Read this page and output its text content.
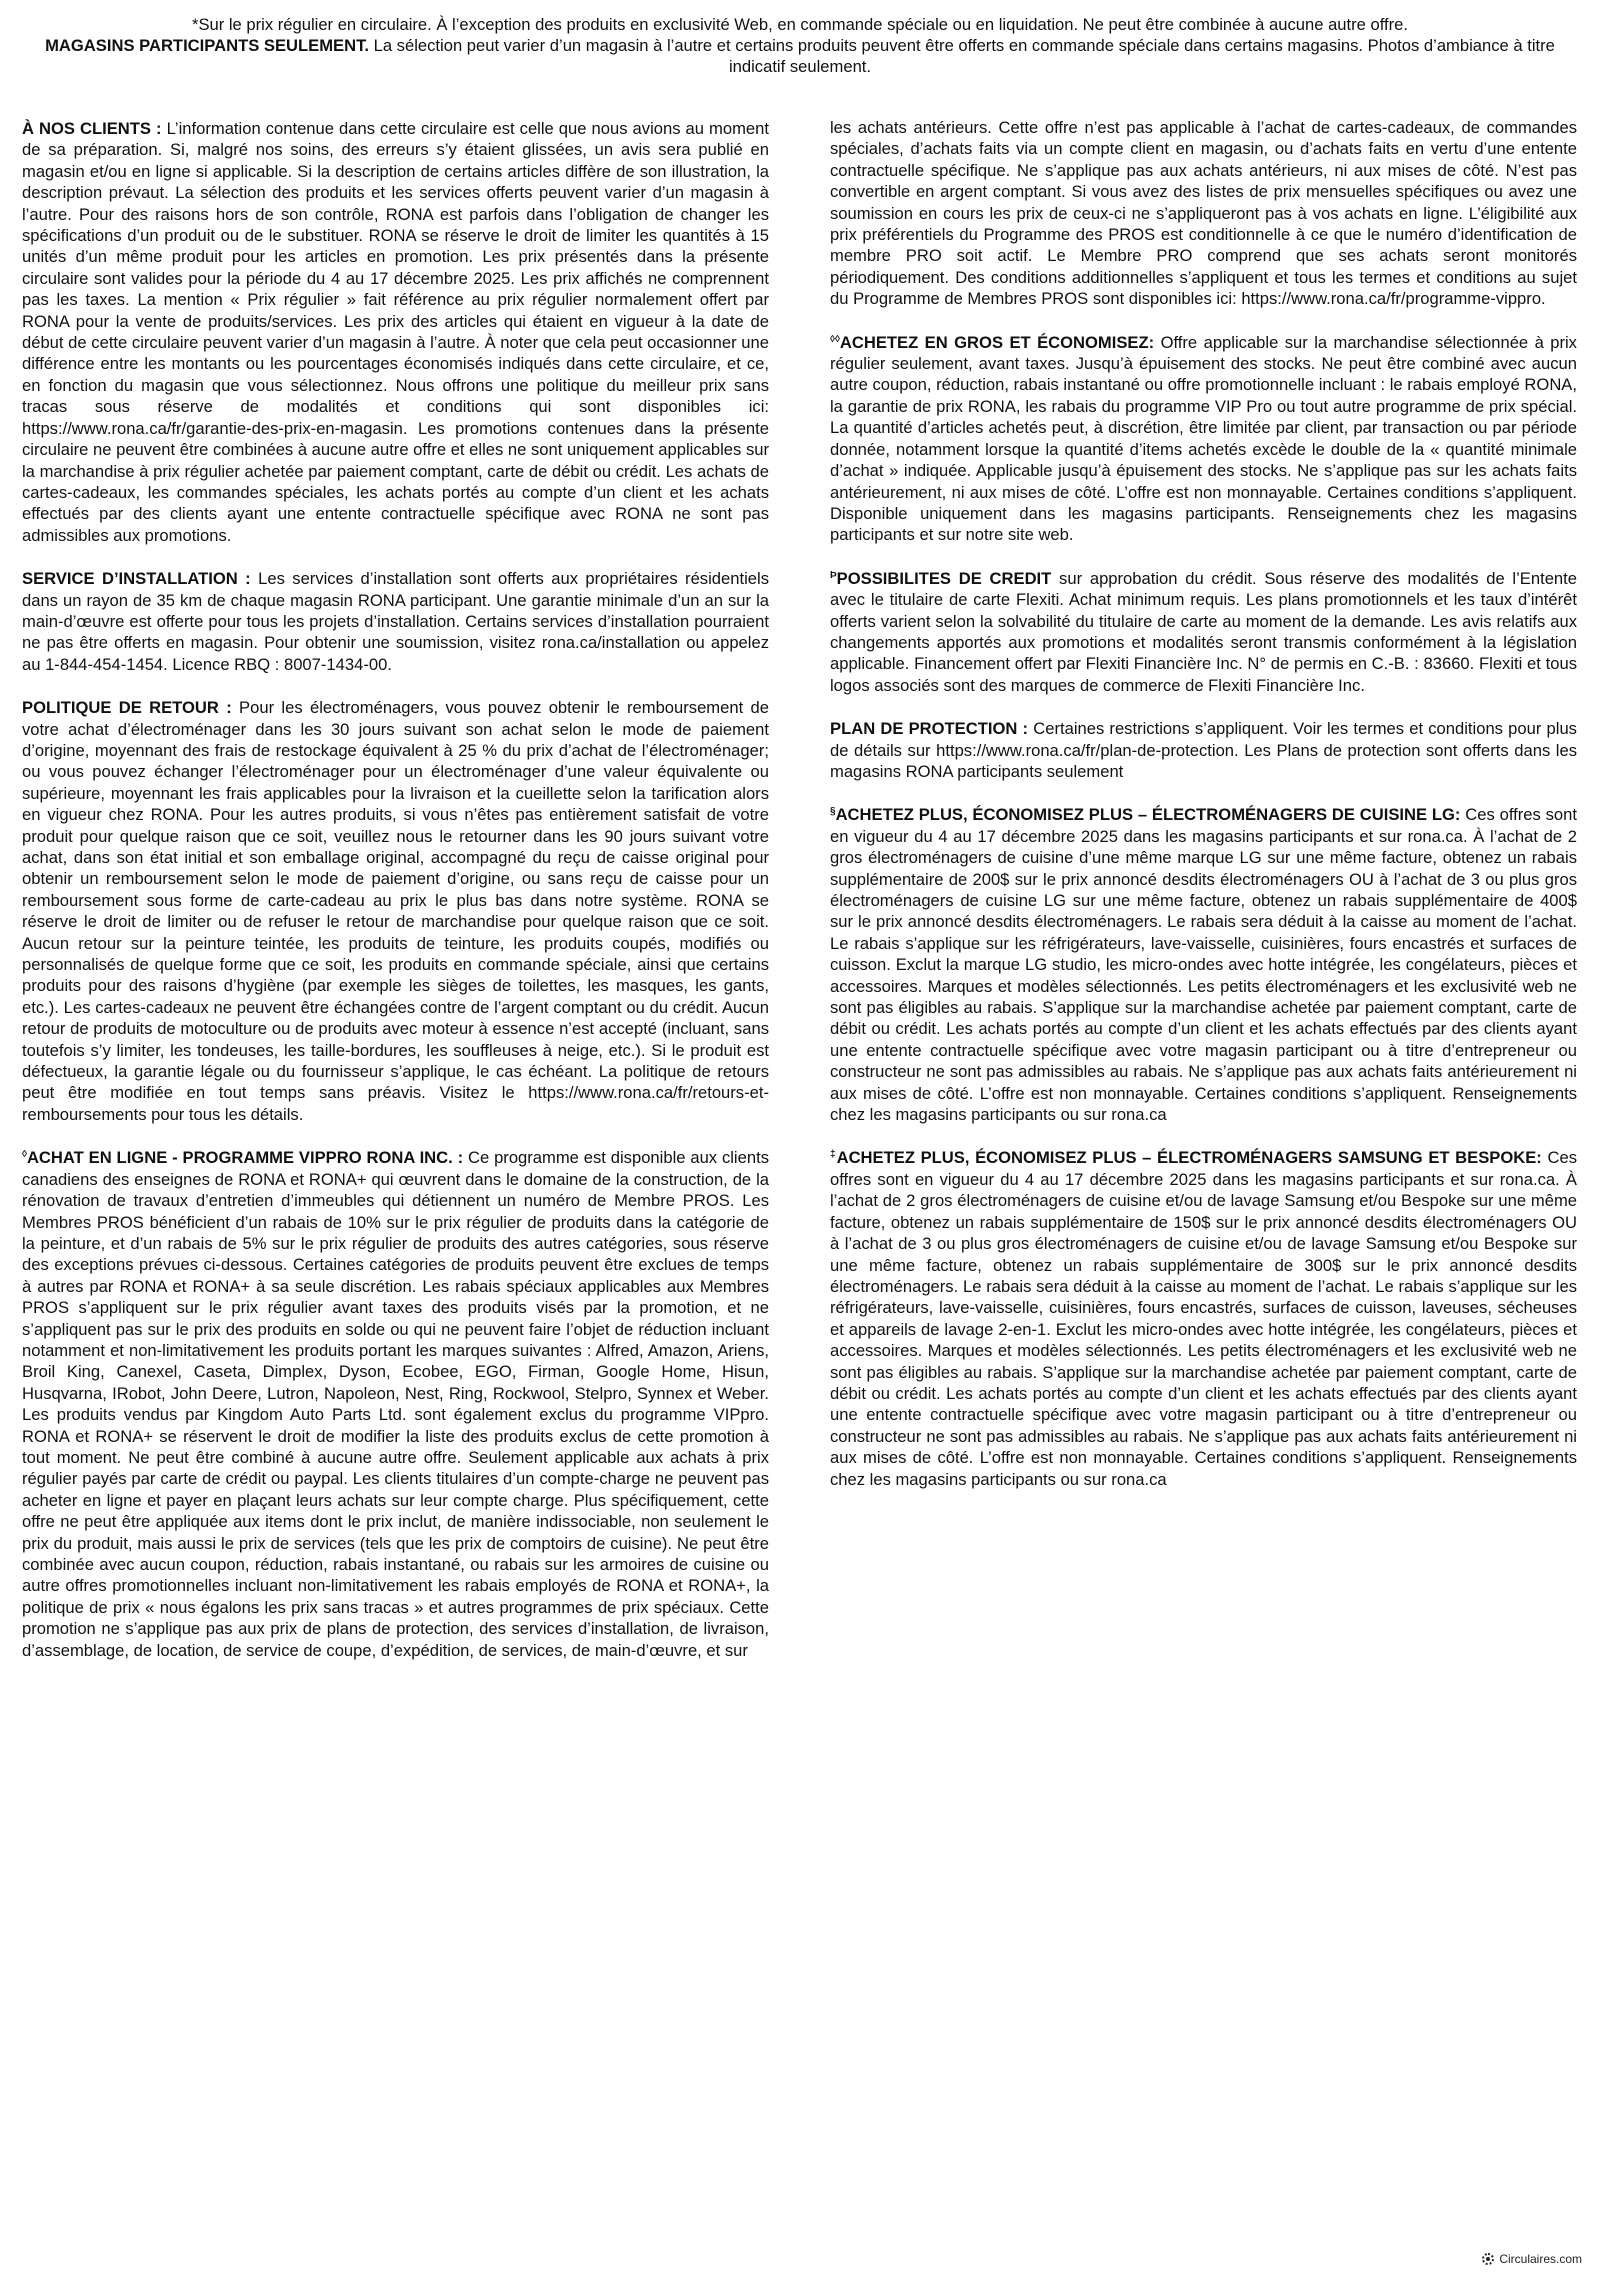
*Sur le prix régulier en circulaire. À l’exception des produits en exclusivité Web, en commande spéciale ou en liquidation. Ne peut être combinée à aucune autre offre.
MAGASINS PARTICIPANTS SEULEMENT. La sélection peut varier d’un magasin à l’autre et certains produits peuvent être offerts en commande spéciale dans certains magasins. Photos d’ambiance à titre indicatif seulement.

À NOS CLIENTS : L’information contenue dans cette circulaire est celle que nous avions au moment de sa préparation. Si, malgré nos soins, des erreurs s’y étaient glissées, un avis sera publié en magasin et/ou en ligne si applicable. Si la description de certains articles diffère de son illustration, la description prévaut. La sélection des produits et les services offerts peuvent varier d’un magasin à l’autre. Pour des raisons hors de son contrôle, RONA est parfois dans l’obligation de changer les spécifications d’un produit ou de le substituer. RONA se réserve le droit de limiter les quantités à 15 unités d’un même produit pour les articles en promotion. Les prix présentés dans la présente circulaire sont valides pour la période du 4 au 17 décembre 2025. Les prix affichés ne comprennent pas les taxes. La mention « Prix régulier » fait référence au prix régulier normalement offert par RONA pour la vente de produits/services. Les prix des articles qui étaient en vigueur à la date de début de cette circulaire peuvent varier d’un magasin à l’autre. À noter que cela peut occasionner une différence entre les montants ou les pourcentages économisés indiqués dans cette circulaire, et ce, en fonction du magasin que vous sélectionnez. Nous offrons une politique du meilleur prix sans tracas sous réserve de modalités et conditions qui sont disponibles ici: https://www.rona.ca/fr/garantie-des-prix-en-magasin. Les promotions contenues dans la présente circulaire ne peuvent être combinées à aucune autre offre et elles ne sont uniquement applicables sur la marchandise à prix régulier achetée par paiement comptant, carte de débit ou crédit. Les achats de cartes-cadeaux, les commandes spéciales, les achats portés au compte d’un client et les achats effectués par des clients ayant une entente contractuelle spécifique avec RONA ne sont pas admissibles aux promotions.

SERVICE D’INSTALLATION : Les services d’installation sont offerts aux propriétaires résidentiels dans un rayon de 35 km de chaque magasin RONA participant. Une garantie minimale d’un an sur la main-d’œuvre est offerte pour tous les projets d’installation. Certains services d’installation pourraient ne pas être offerts en magasin. Pour obtenir une soumission, visitez rona.ca/installation ou appelez au 1-844-454-1454. Licence RBQ : 8007-1434-00.

POLITIQUE DE RETOUR : Pour les électroménagers, vous pouvez obtenir le remboursement de votre achat d’électroménager dans les 30 jours suivant son achat selon le mode de paiement d’origine, moyennant des frais de restockage équivalent à 25 % du prix d’achat de l’électroménager; ou vous pouvez échanger l’électroménager pour un électroménager d’une valeur équivalente ou supérieure, moyennant les frais applicables pour la livraison et la cueillette selon la tarification alors en vigueur chez RONA. Pour les autres produits, si vous n’êtes pas entièrement satisfait de votre produit pour quelque raison que ce soit, veuillez nous le retourner dans les 90 jours suivant votre achat, dans son état initial et son emballage original, accompagné du reçu de caisse original pour obtenir un remboursement selon le mode de paiement d’origine, ou sans reçu de caisse pour un remboursement sous forme de carte-cadeau au prix le plus bas dans notre système. RONA se réserve le droit de limiter ou de refuser le retour de marchandise pour quelque raison que ce soit. Aucun retour sur la peinture teintée, les produits de teinture, les produits coupés, modifiés ou personnalisés de quelque forme que ce soit, les produits en commande spéciale, ainsi que certains produits pour des raisons d’hygiène (par exemple les sièges de toilettes, les masques, les gants, etc.). Les cartes-cadeaux ne peuvent être échangées contre de l’argent comptant ou du crédit. Aucun retour de produits de motoculture ou de produits avec moteur à essence n’est accepté (incluant, sans toutefois s’y limiter, les tondeuses, les taille-bordures, les souffleuses à neige, etc.). Si le produit est défectueux, la garantie légale ou du fournisseur s’applique, le cas échéant. La politique de retours peut être modifiée en tout temps sans préavis. Visitez le https://www.rona.ca/fr/retours-et-remboursements pour tous les détails.

◊ACHAT EN LIGNE - PROGRAMME VIPPRO RONA INC. : Ce programme est disponible aux clients canadiens des enseignes de RONA et RONA+ qui œuvrent dans le domaine de la construction, de la rénovation de travaux d’entretien d’immeubles qui détiennent un numéro de Membre PROS. Les Membres PROS bénéficient d’un rabais de 10% sur le prix régulier de produits dans la catégorie de la peinture, et d’un rabais de 5% sur le prix régulier de produits des autres catégories, sous réserve des exceptions prévues ci-dessous. Certaines catégories de produits peuvent être exclues de temps à autres par RONA et RONA+ à sa seule discrétion. Les rabais spéciaux applicables aux Membres PROS s’appliquent sur le prix régulier avant taxes des produits visés par la promotion, et ne s’appliquent pas sur le prix des produits en solde ou qui ne peuvent faire l’objet de réduction incluant notamment et non-limitativement les produits portant les marques suivantes : Alfred, Amazon, Ariens, Broil King, Canexel, Caseta, Dimplex, Dyson, Ecobee, EGO, Firman, Google Home, Hisun, Husqvarna, IRobot, John Deere, Lutron, Napoleon, Nest, Ring, Rockwool, Stelpro, Synnex et Weber. Les produits vendus par Kingdom Auto Parts Ltd. sont également exclus du programme VIPpro. RONA et RONA+ se réservent le droit de modifier la liste des produits exclus de cette promotion à tout moment. Ne peut être combiné à aucune autre offre. Seulement applicable aux achats à prix régulier payés par carte de crédit ou paypal. Les clients titulaires d’un compte-charge ne peuvent pas acheter en ligne et payer en plaçant leurs achats sur leur compte charge. Plus spécifiquement, cette offre ne peut être appliquée aux items dont le prix inclut, de manière indissociable, non seulement le prix du produit, mais aussi le prix de services (tels que les prix de comptoirs de cuisine). Ne peut être combinée avec aucun coupon, réduction, rabais instantané, ou rabais sur les armoires de cuisine ou autre offres promotionnelles incluant non-limitativement les rabais employés de RONA et RONA+, la politique de prix « nous égalons les prix sans tracas » et autres programmes de prix spéciaux. Cette promotion ne s’applique pas aux prix de plans de protection, des services d’installation, de livraison, d’assemblage, de location, de service de coupe, d’expédition, de services, de main-d’œuvre, et sur

les achats antérieurs. Cette offre n’est pas applicable à l’achat de cartes-cadeaux, de commandes spéciales, d’achats faits via un compte client en magasin, ou d’achats faits en vertu d’une entente contractuelle spécifique. Ne s’applique pas aux achats antérieurs, ni aux mises de côté. N’est pas convertible en argent comptant. Si vous avez des listes de prix mensuelles spécifiques ou avez une soumission en cours les prix de ceux-ci ne s’appliqueront pas à vos achats en ligne. L’éligibilité aux prix préférentiels du Programme des PROS est conditionnelle à ce que le numéro d’identification de membre PRO soit actif. Le Membre PRO comprend que ses achats seront monitorés périodiquement. Des conditions additionnelles s’appliquent et tous les termes et conditions au sujet du Programme de Membres PROS sont disponibles ici: https://www.rona.ca/fr/programme-vippro.

◊◊ACHETEZ EN GROS ET ÉCONOMISEZ: Offre applicable sur la marchandise sélectionnée à prix régulier seulement, avant taxes. Jusqu’à épuisement des stocks. Ne peut être combiné avec aucun autre coupon, réduction, rabais instantané ou offre promotionnelle incluant : le rabais employé RONA, la garantie de prix RONA, les rabais du programme VIP Pro ou tout autre programme de prix spécial. La quantité d’articles achetés peut, à discrétion, être limitée par client, par transaction ou par période donnée, notamment lorsque la quantité d’items achetés excède le double de la « quantité minimale d’achat » indiquée. Applicable jusqu’à épuisement des stocks. Ne s’applique pas sur les achats faits antérieurement, ni aux mises de côté. L’offre est non monnayable. Certaines conditions s’appliquent. Disponible uniquement dans les magasins participants. Renseignements chez les magasins participants et sur notre site web.

$^Þ$POSSIBILITES DE CREDIT sur approbation du crédit. Sous réserve des modalités de l’Entente avec le titulaire de carte Flexiti. Achat minimum requis. Les plans promotionnels et les taux d’intérêt offerts varient selon la solvabilité du titulaire de carte au moment de la demande. Les avis relatifs aux changements apportés aux promotions et modalités seront transmis conformément à la législation applicable. Financement offert par Flexiti Financière Inc. N° de permis en C.-B. : 83660. Flexiti et tous logos associés sont des marques de commerce de Flexiti Financière Inc.

PLAN DE PROTECTION : Certaines restrictions s’appliquent. Voir les termes et conditions pour plus de détails sur https://www.rona.ca/fr/plan-de-protection. Les Plans de protection sont offerts dans les magasins RONA participants seulement

§ACHETEZ PLUS, ÉCONOMISEZ PLUS – ÉLECTROMÉNAGERS DE CUISINE LG: Ces offres sont en vigueur du 4 au 17 décembre 2025 dans les magasins participants et sur rona.ca. À l’achat de 2 gros électroménagers de cuisine d’une même marque LG sur une même facture, obtenez un rabais supplémentaire de 200$ sur le prix annoncé desdits électroménagers OU à l’achat de 3 ou plus gros électroménagers de cuisine LG sur une même facture, obtenez un rabais supplémentaire de 400$ sur le prix annoncé desdits électroménagers. Le rabais sera déduit à la caisse au moment de l’achat. Le rabais s’applique sur les réfrigérateurs, lave-vaisselle, cuisinières, fours encastrés et surfaces de cuisson. Exclut la marque LG studio, les micro-ondes avec hotte intégrée, les congélateurs, pièces et accessoires. Marques et modèles sélectionnés. Les petits électroménagers et les exclusivité web ne sont pas éligibles au rabais. S’applique sur la marchandise achetée par paiement comptant, carte de débit ou crédit. Les achats portés au compte d’un client et les achats effectués par des clients ayant une entente contractuelle spécifique avec votre magasin participant ou à titre d’entrepreneur ou constructeur ne sont pas admissibles au rabais. Ne s’applique pas aux achats faits antérieurement ni aux mises de côté. L’offre est non monnayable. Certaines conditions s’appliquent. Renseignements chez les magasins participants ou sur rona.ca

‡ACHETEZ PLUS, ÉCONOMISEZ PLUS – ÉLECTROMÉNAGERS SAMSUNG ET BESPOKE: Ces offres sont en vigueur du 4 au 17 décembre 2025 dans les magasins participants et sur rona.ca. À l’achat de 2 gros électroménagers de cuisine et/ou de lavage Samsung et/ou Bespoke sur une même facture, obtenez un rabais supplémentaire de 150$ sur le prix annoncé desdits électroménagers OU à l’achat de 3 ou plus gros électroménagers de cuisine et/ou de lavage Samsung et/ou Bespoke sur une même facture, obtenez un rabais supplémentaire de 300$ sur le prix annoncé desdits électroménagers. Le rabais sera déduit à la caisse au moment de l’achat. Le rabais s’applique sur les réfrigérateurs, lave-vaisselle, cuisinières, fours encastrés, surfaces de cuisson, laveuses, sécheuses et appareils de lavage 2-en-1. Exclut les micro-ondes avec hotte intégrée, les congélateurs, pièces et accessoires. Marques et modèles sélectionnés. Les petits électroménagers et les exclusivité web ne sont pas éligibles au rabais. S’applique sur la marchandise achetée par paiement comptant, carte de débit ou crédit. Les achats portés au compte d’un client et les achats effectués par des clients ayant une entente contractuelle spécifique avec votre magasin participant ou à titre d’entrepreneur ou constructeur ne sont pas admissibles au rabais. Ne s’applique pas aux achats faits antérieurement ni aux mises de côté. L’offre est non monnayable. Certaines conditions s’appliquent. Renseignements chez les magasins participants ou sur rona.ca

Circulaires.com
